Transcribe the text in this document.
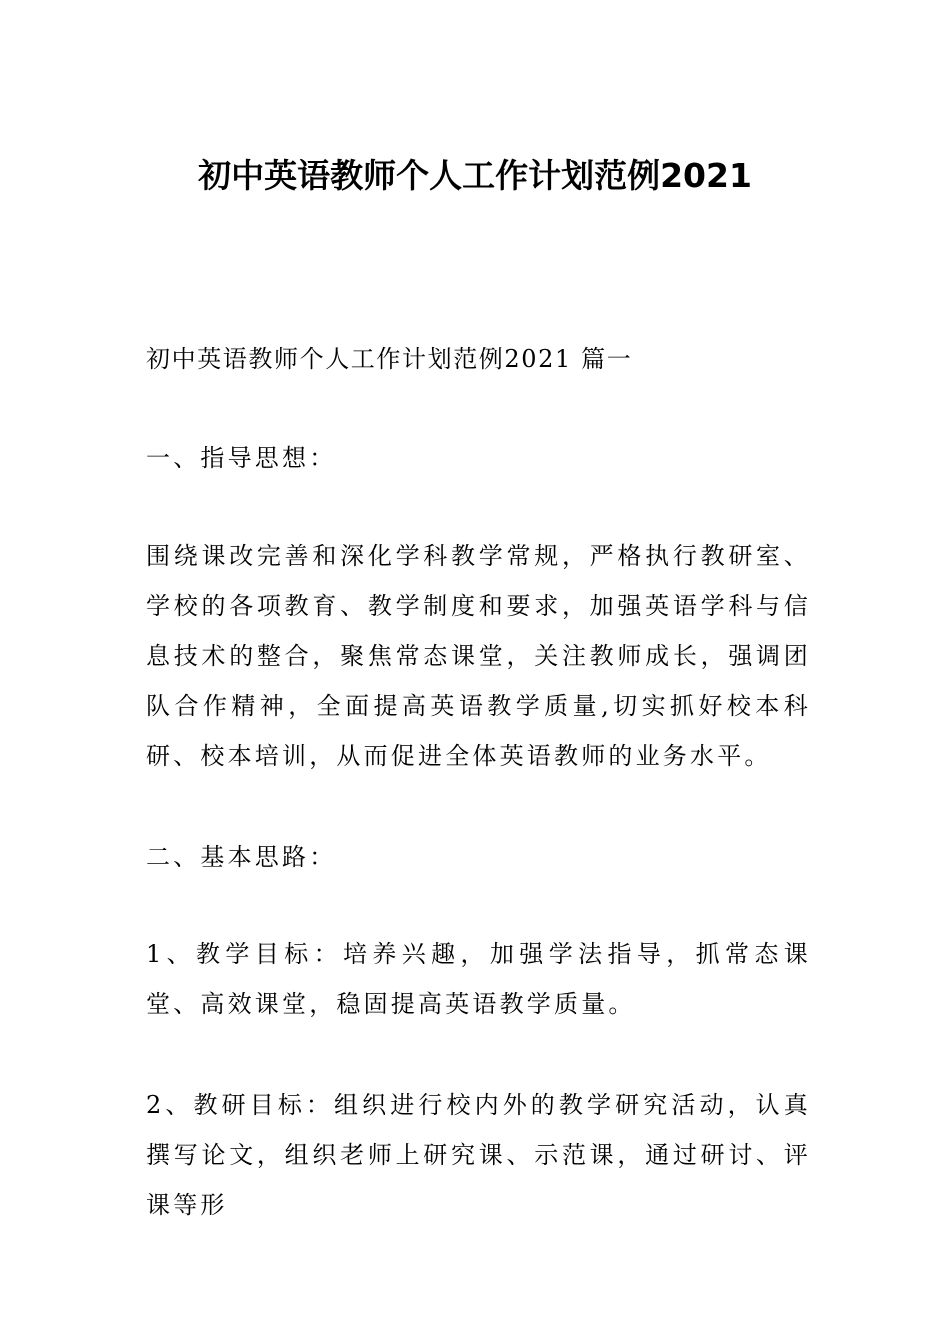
初中英语教师个人工作计划范例2021

初中英语教师个人工作计划范例2021 篇一

一、指导思想：

围绕课改完善和深化学科教学常规，严格执行教研室、学校的各项教育、教学制度和要求，加强英语学科与信息技术的整合，聚焦常态课堂，关注教师成长，强调团队合作精神，全面提高英语教学质量,切实抓好校本科研、校本培训，从而促进全体英语教师的业务水平。

二、基本思路：

1、教学目标：培养兴趣，加强学法指导，抓常态课堂、高效课堂，稳固提高英语教学质量。

2、教研目标：组织进行校内外的教学研究活动，认真撰写论文，组织老师上研究课、示范课，通过研讨、评课等形
